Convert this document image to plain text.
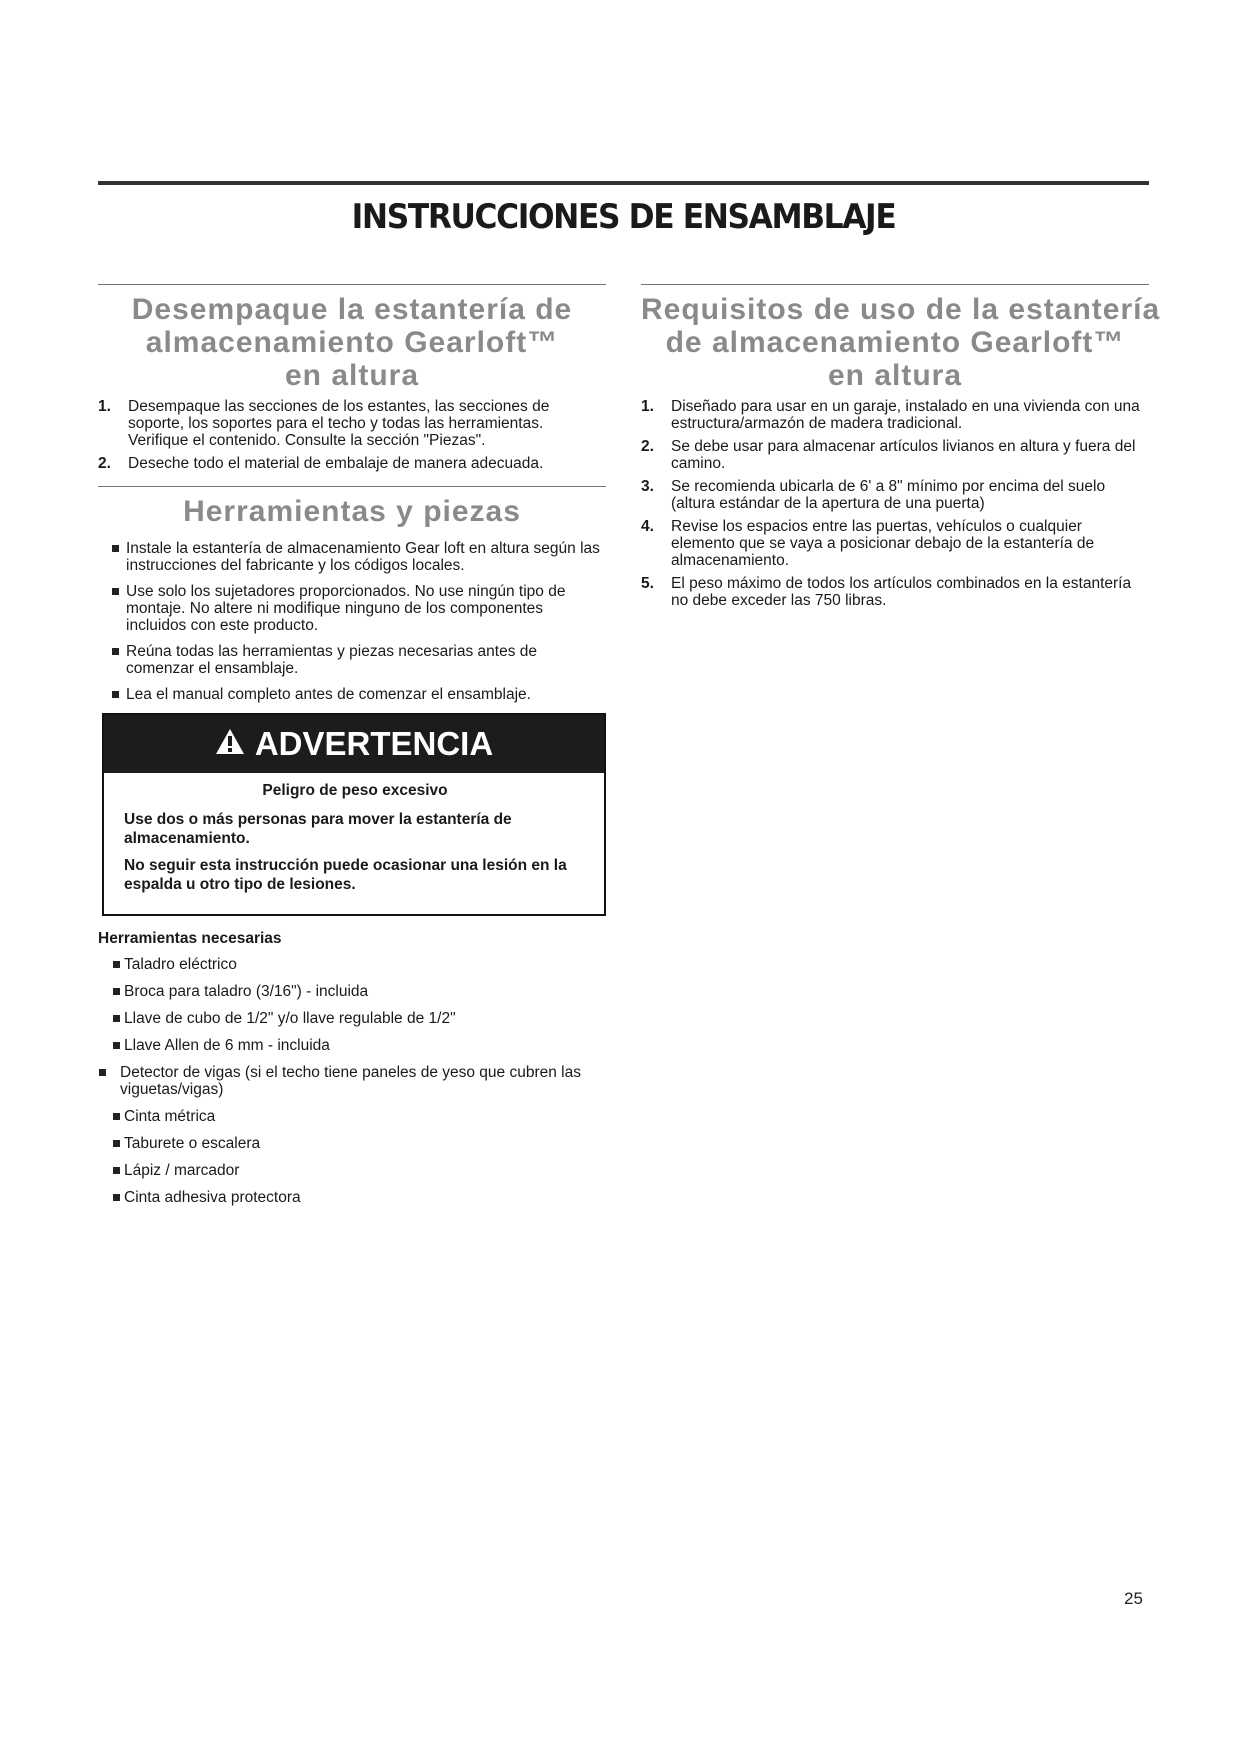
INSTRUCCIONES DE ENSAMBLAJE
Desempaque la estantería de
almacenamiento Gearloft™
en altura
1. Desempaque las secciones de los estantes, las secciones de soporte, los soportes para el techo y todas las herramientas. Verifique el contenido. Consulte la sección "Piezas".
2. Deseche todo el material de embalaje de manera adecuada.
Herramientas y piezas
Instale la estantería de almacenamiento Gear loft en altura según las instrucciones del fabricante y los códigos locales.
Use solo los sujetadores proporcionados. No use ningún tipo de montaje. No altere ni modifique ninguno de los componentes incluidos con este producto.
Reúna todas las herramientas y piezas necesarias antes de comenzar el ensamblaje.
Lea el manual completo antes de comenzar el ensamblaje.
ADVERTENCIA
Peligro de peso excesivo

Use dos o más personas para mover la estantería de almacenamiento.

No seguir esta instrucción puede ocasionar una lesión en la espalda u otro tipo de lesiones.

Herramientas necesarias
Taladro eléctrico
Broca para taladro (3/16") - incluida
Llave de cubo de 1/2" y/o llave regulable de 1/2"
Llave Allen de 6 mm - incluida
Detector de vigas (si el techo tiene paneles de yeso que cubren las viguetas/vigas)
Cinta métrica
Taburete o escalera
Lápiz / marcador
Cinta adhesiva protectora
Requisitos de uso de la estantería
de almacenamiento Gearloft™
en altura
1. Diseñado para usar en un garaje, instalado en una vivienda con una estructura/armazón de madera tradicional.
2. Se debe usar para almacenar artículos livianos en altura y fuera del camino.
3. Se recomienda ubicarla de 6' a 8" mínimo por encima del suelo (altura estándar de la apertura de una puerta)
4. Revise los espacios entre las puertas, vehículos o cualquier elemento que se vaya a posicionar debajo de la estantería de almacenamiento.
5. El peso máximo de todos los artículos combinados en la estantería no debe exceder las 750 libras.
25
